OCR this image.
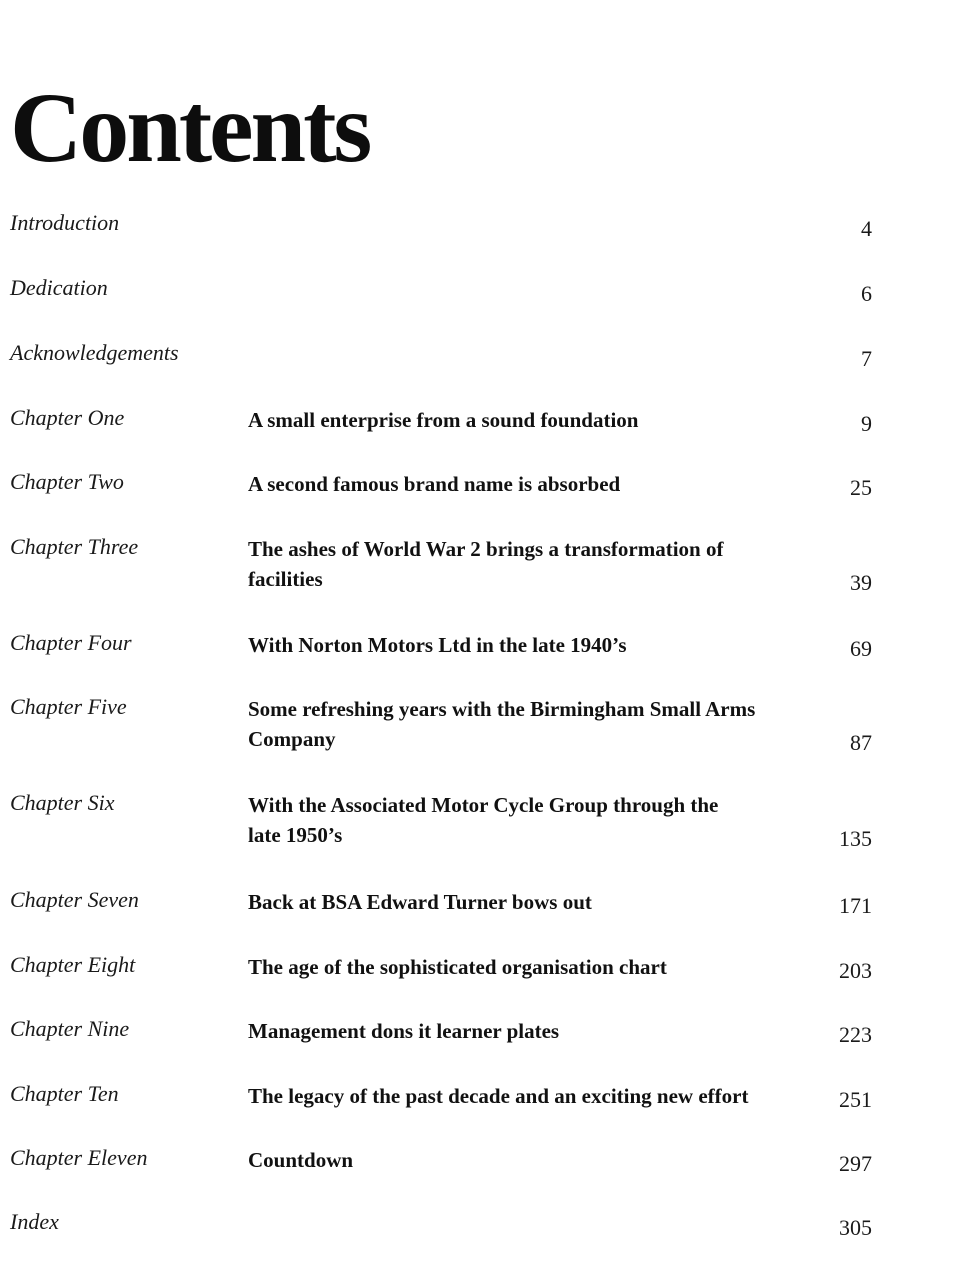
Contents
Introduction	4
Dedication	6
Acknowledgements	7
Chapter One	A small enterprise from a sound foundation	9
Chapter Two	A second famous brand name is absorbed	25
Chapter Three	The ashes of World War 2 brings a transformation of facilities	39
Chapter Four	With Norton Motors Ltd in the late 1940’s	69
Chapter Five	Some refreshing years with the Birmingham Small Arms Company	87
Chapter Six	With the Associated Motor Cycle Group through the late 1950’s	135
Chapter Seven	Back at BSA Edward Turner bows out	171
Chapter Eight	The age of the sophisticated organisation chart	203
Chapter Nine	Management dons it learner plates	223
Chapter Ten	The legacy of the past decade and an exciting new effort	251
Chapter Eleven	Countdown	297
Index	305
